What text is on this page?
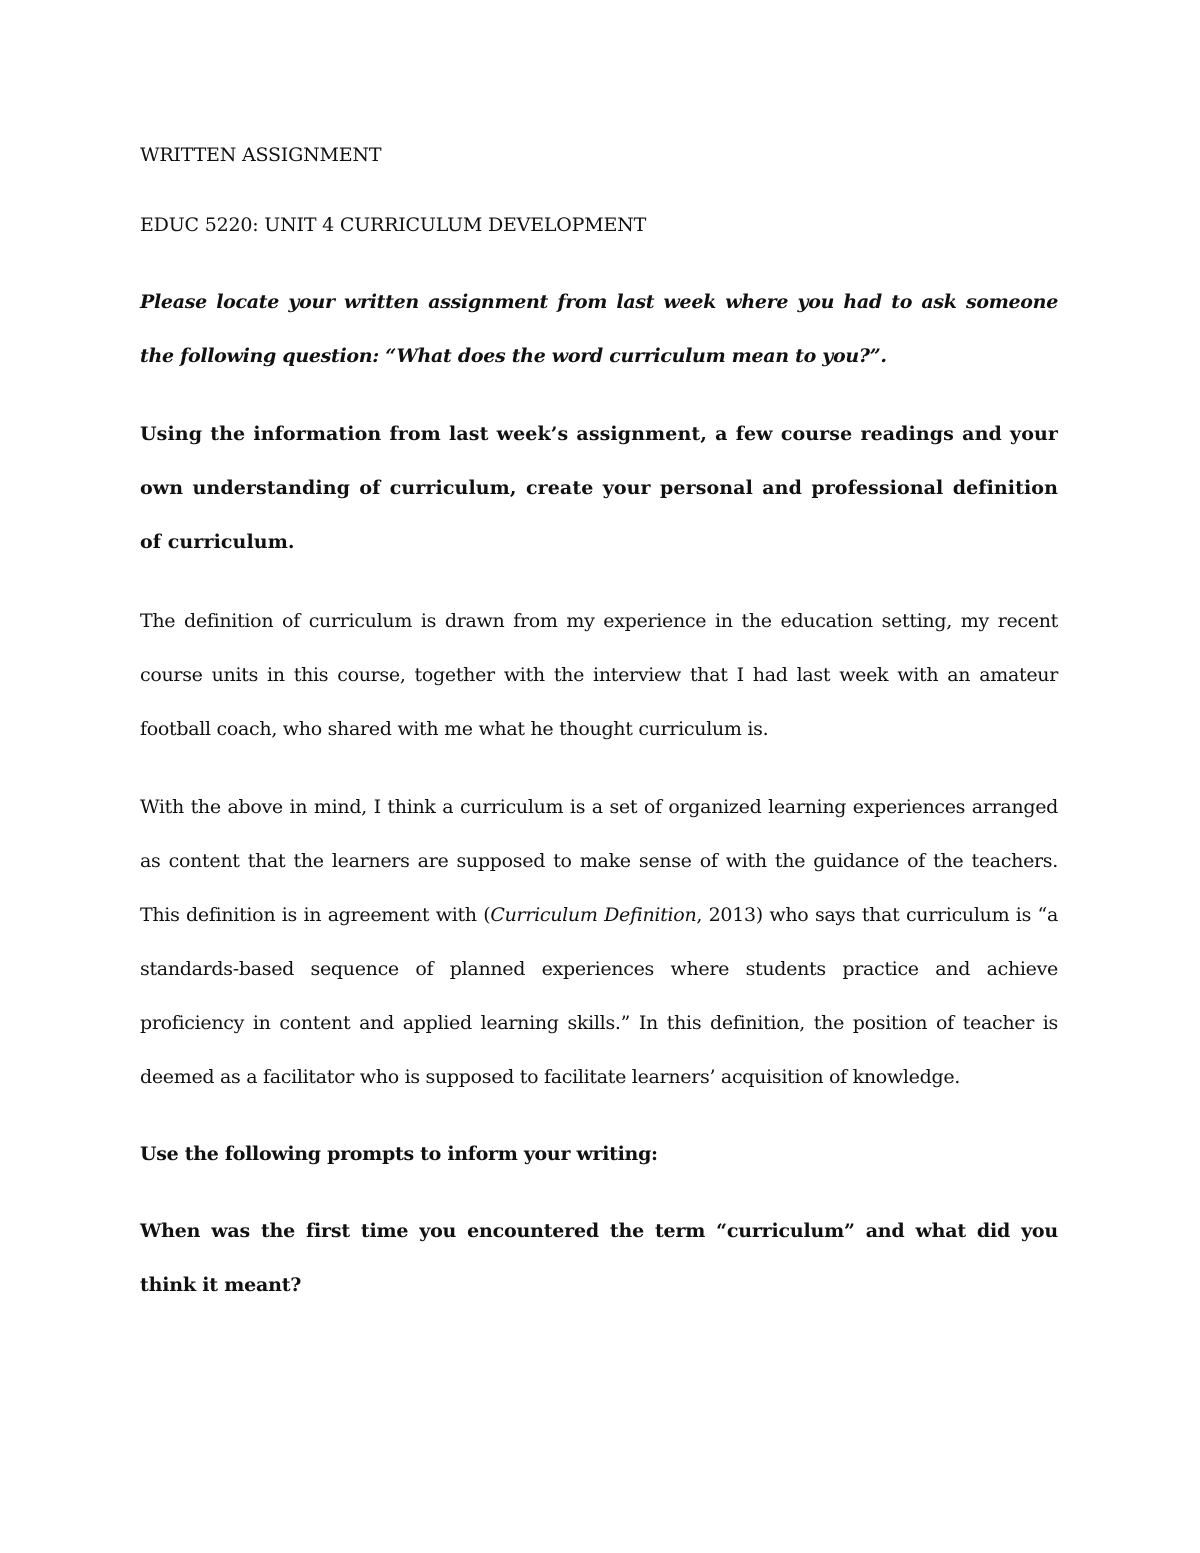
WRITTEN ASSIGNMENT

EDUC 5220: UNIT 4 CURRICULUM DEVELOPMENT

Please locate your written assignment from last week where you had to ask someone the following question: “What does the word curriculum mean to you?”.

Using the information from last week’s assignment, a few course readings and your own understanding of curriculum, create your personal and professional definition of curriculum.

The definition of curriculum is drawn from my experience in the education setting, my recent course units in this course, together with the interview that I had last week with an amateur football coach, who shared with me what he thought curriculum is.

With the above in mind, I think a curriculum is a set of organized learning experiences arranged as content that the learners are supposed to make sense of with the guidance of the teachers. This definition is in agreement with (Curriculum Definition, 2013) who says that curriculum is “a standards-based sequence of planned experiences where students practice and achieve proficiency in content and applied learning skills.” In this definition, the position of teacher is deemed as a facilitator who is supposed to facilitate learners’ acquisition of knowledge.

Use the following prompts to inform your writing:

When was the first time you encountered the term “curriculum” and what did you think it meant?
